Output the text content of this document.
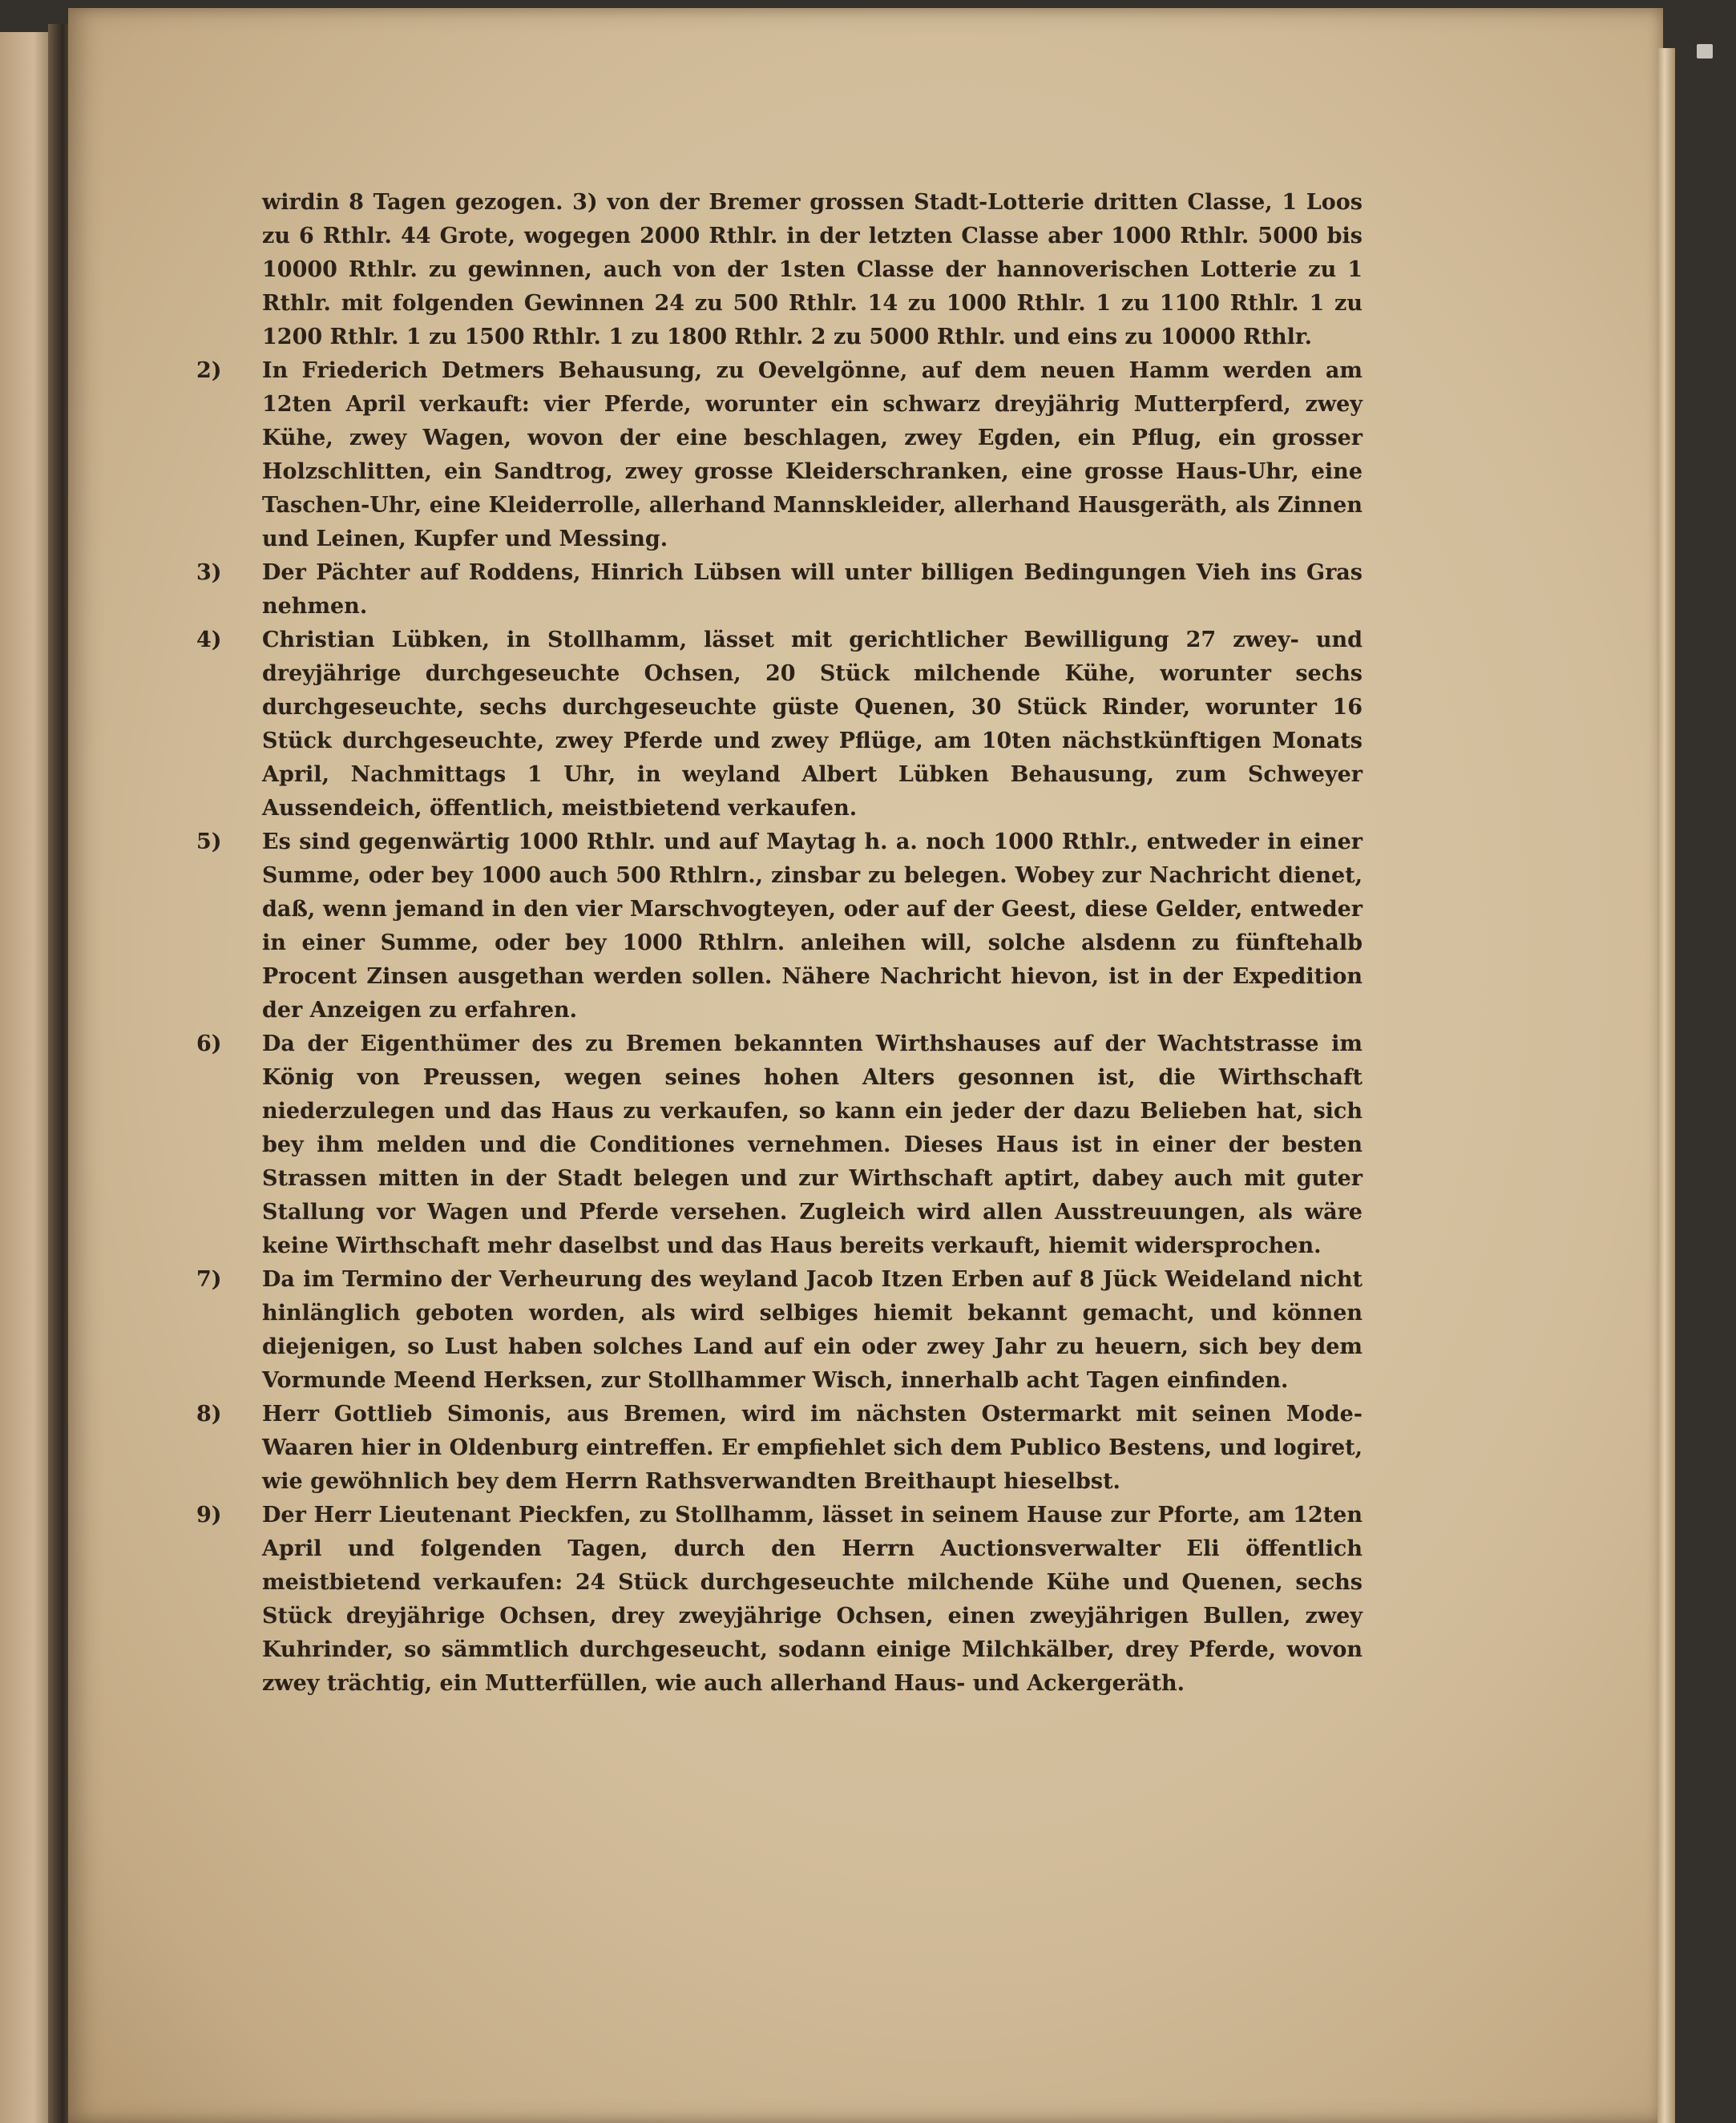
wirdin 8 Tagen gezogen. 3) von der Bremer grossen Stadt-Lotterie dritten Classe, 1 Loos zu 6 Rthlr. 44 Grote, wogegen 2000 Rthlr. in der letzten Classe aber 1000 Rthlr. 5000 bis 10000 Rthlr. zu gewinnen, auch von der 1sten Classe der hannoverischen Lotterie zu 1 Rthlr. mit folgenden Gewinnen 24 zu 500 Rthlr. 14 zu 1000 Rthlr. 1 zu 1100 Rthlr. 1 zu 1200 Rthlr. 1 zu 1500 Rthlr. 1 zu 1800 Rthlr. 2 zu 5000 Rthlr. und eins zu 10000 Rthlr.

2) In Friederich Detmers Behausung, zu Oevelgönne, auf dem neuen Hamm werden am 12ten April verkauft: vier Pferde, worunter ein schwarz dreyjährig Mutterpferd, zwey Kühe, zwey Wagen, wovon der eine beschlagen, zwey Egden, ein Pflug, ein grosser Holzschlitten, ein Sandtrog, zwey grosse Kleiderschranken, eine grosse Haus-Uhr, eine Taschen-Uhr, eine Kleiderrolle, allerhand Mannskleider, allerhand Hausgeräth, als Zinnen und Leinen, Kupfer und Messing.

3) Der Pächter auf Roddens, Hinrich Lübsen will unter billigen Bedingungen Vieh ins Gras nehmen.

4) Christian Lübken, in Stollhamm, lässet mit gerichtlicher Bewilligung 27 zwey- und dreyjährige durchgeseuchte Ochsen, 20 Stück milchende Kühe, worunter sechs durchgeseuchte, sechs durchgeseuchte güste Quenen, 30 Stück Rinder, worunter 16 Stück durchgeseuchte, zwey Pferde und zwey Pflüge, am 10ten nächstkünftigen Monats April, Nachmittags 1 Uhr, in weyland Albert Lübken Behausung, zum Schweyer Aussendeich, öffentlich, meistbietend verkaufen.

5) Es sind gegenwärtig 1000 Rthlr. und auf Maytag h. a. noch 1000 Rthlr., entweder in einer Summe, oder bey 1000 auch 500 Rthlrn., zinsbar zu belegen. Wobey zur Nachricht dienet, daß, wenn jemand in den vier Marschvogteyen, oder auf der Geest, diese Gelder, entweder in einer Summe, oder bey 1000 Rthlrn. anleihen will, solche alsdenn zu fünftehalb Procent Zinsen ausgethan werden sollen. Nähere Nachricht hievon, ist in der Expedition der Anzeigen zu erfahren.

6) Da der Eigenthümer des zu Bremen bekannten Wirthshauses auf der Wachtstrasse im König von Preussen, wegen seines hohen Alters gesonnen ist, die Wirthschaft niederzulegen und das Haus zu verkaufen, so kann ein jeder der dazu Belieben hat, sich bey ihm melden und die Conditiones vernehmen. Dieses Haus ist in einer der besten Strassen mitten in der Stadt belegen und zur Wirthschaft aptirt, dabey auch mit guter Stallung vor Wagen und Pferde versehen. Zugleich wird allen Ausstreuungen, als wäre keine Wirthschaft mehr daselbst und das Haus bereits verkauft, hiemit widersprochen.

7) Da im Termino der Verheurung des weyland Jacob Itzen Erben auf 8 Jück Weideland nicht hinlänglich geboten worden, als wird selbiges hiemit bekannt gemacht, und können diejenigen, so Lust haben solches Land auf ein oder zwey Jahr zu heuern, sich bey dem Vormunde Meend Herksen, zur Stollhammer Wisch, innerhalb acht Tagen einfinden.

8) Herr Gottlieb Simonis, aus Bremen, wird im nächsten Ostermarkt mit seinen Mode-Waaren hier in Oldenburg eintreffen. Er empfiehlet sich dem Publico Bestens, und logiret, wie gewöhnlich bey dem Herrn Rathsverwandten Breithaupt hieselbst.

9) Der Herr Lieutenant Pieckfen, zu Stollhamm, lässet in seinem Hause zur Pforte, am 12ten April und folgenden Tagen, durch den Herrn Auctionsverwalter Eli öffentlich meistbietend verkaufen: 24 Stück durchgeseuchte milchende Kühe und Quenen, sechs Stück dreyjährige Ochsen, drey zweyjährige Ochsen, einen zweyjährigen Bullen, zwey Kuhrinder, so sämmtlich durchgeseucht, sodann einige Milchkälber, drey Pferde, wovon zwey trächtig, ein Mutterfüllen, wie auch allerhand Haus- und Ackergeräth.
